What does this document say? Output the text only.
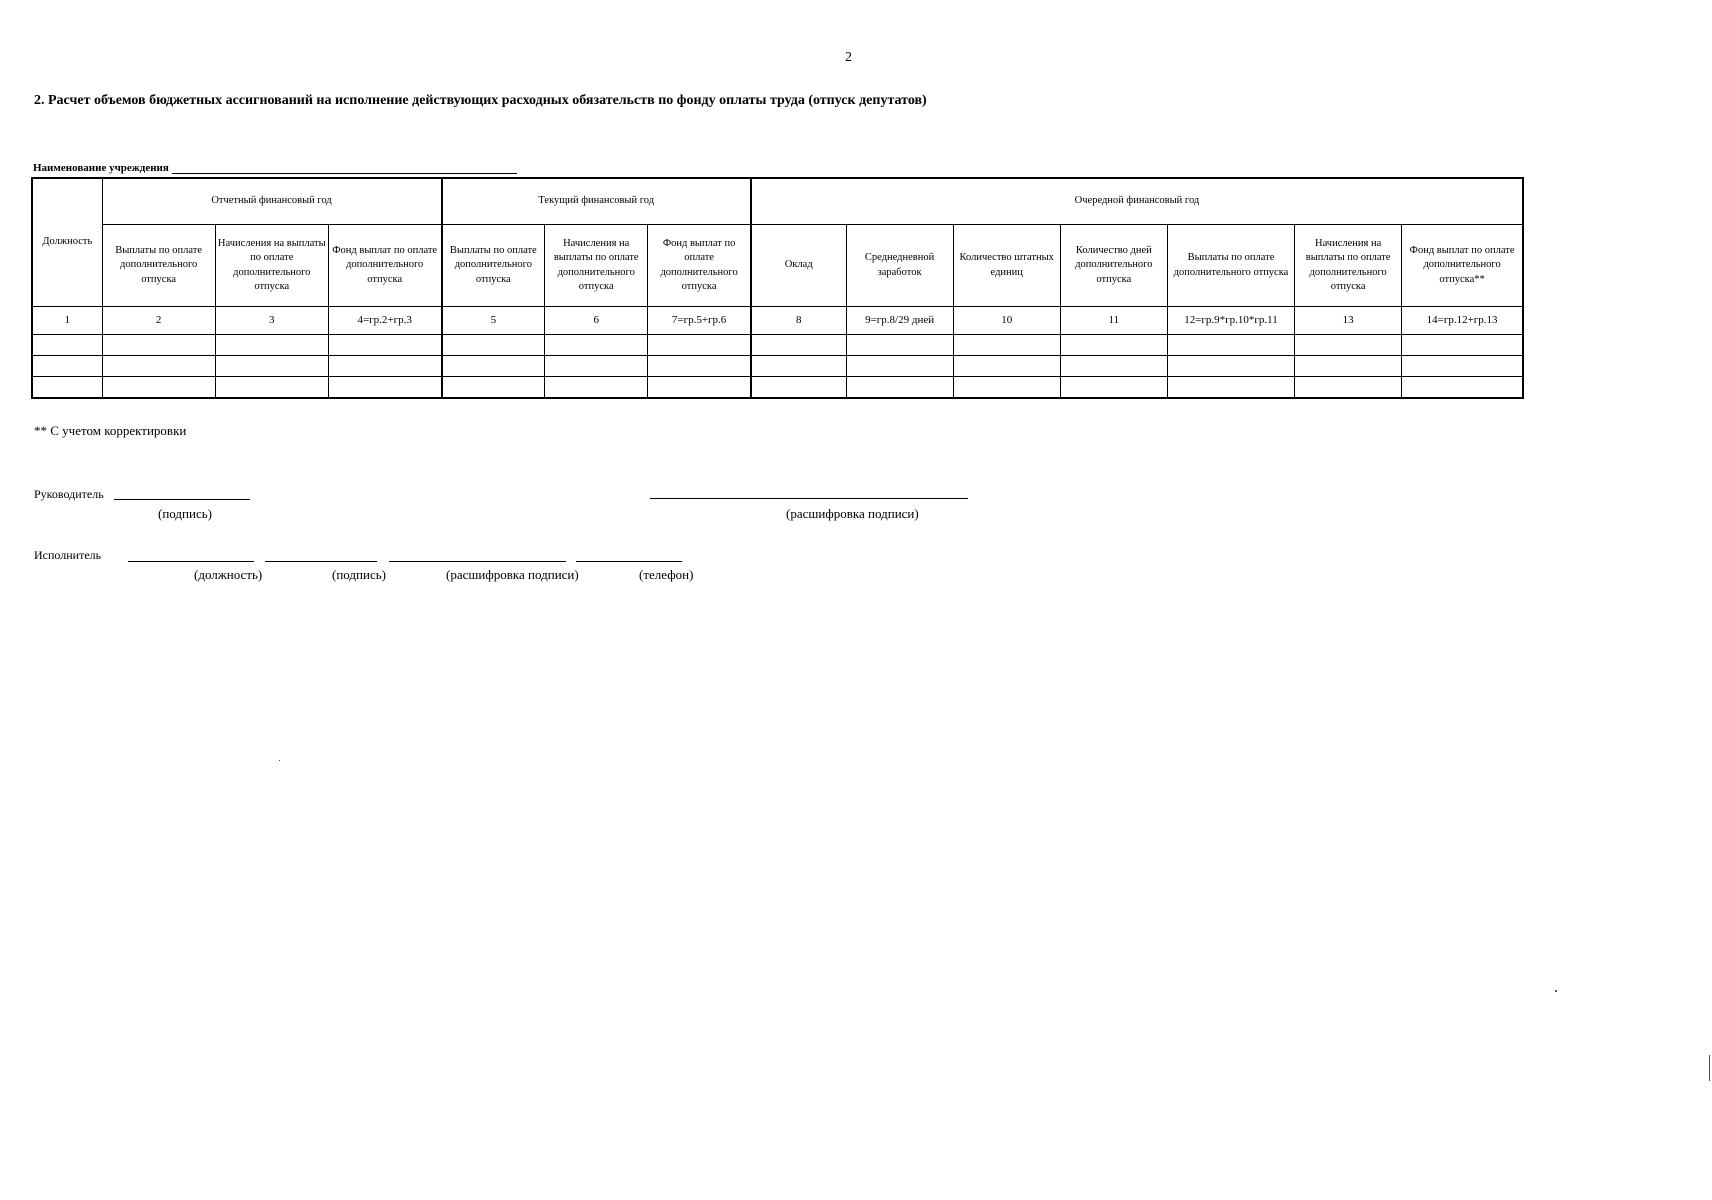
2
2. Расчет объемов бюджетных ассигнований на исполнение действующих расходных обязательств по фонду оплаты труда (отпуск депутатов)
Наименование учреждения
Должность	Отчетный финансовый год			Текущий финансовый год			Очередной финансовый год						
	Выплаты по оплате дополнительного отпуска	Начисления на выплаты по оплате дополнительного отпуска	Фонд выплат по оплате дополнительного отпуска	Выплаты по оплате дополнительного отпуска	Начисления на выплаты по оплате дополнительного отпуска	Фонд выплат по оплате дополнительного отпуска	Оклад	Среднедневной заработок	Количество штатных единиц	Количество дней дополнительного отпуска	Выплаты по оплате дополнительного отпуска	Начисления на выплаты по оплате дополнительного отпуска	Фонд выплат по оплате дополнительного отпуска**
1	2	3	4=гр.2+гр.3	5	6	7=гр.5+гр.6	8	9=гр.8/29 дней	10	11	12=гр.9*гр.10*гр.11	13	14=гр.12+гр.13

** С учетом корректировки
Руководитель
(подпись)	(расшифровка подписи)
Исполнитель
(должность)	(подпись)	(расшифровка подписи)	(телефон)
